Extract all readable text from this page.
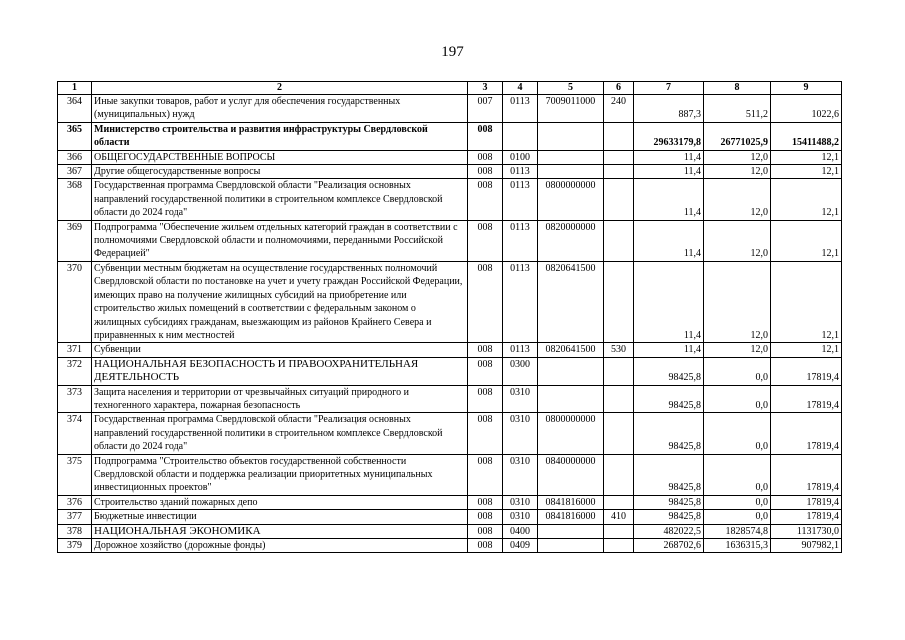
197
1	2	3	4	5	6	7	8	9
364	Иные закупки товаров, работ и услуг для обеспечения государственных (муниципальных) нужд	007	0113	7009011000	240	887,3	511,2	1022,6
365	Министерство строительства и развития инфраструктуры Свердловской области	008				29633179,8	26771025,9	15411488,2
366	ОБЩЕГОСУДАРСТВЕННЫЕ ВОПРОСЫ	008	0100			11,4	12,0	12,1
367	Другие общегосударственные вопросы	008	0113			11,4	12,0	12,1
368	Государственная программа Свердловской области "Реализация основных направлений государственной политики в строительном комплексе Свердловской области до 2024 года"	008	0113	0800000000		11,4	12,0	12,1
369	Подпрограмма "Обеспечение жильем отдельных категорий граждан в соответствии с полномочиями Свердловской области и полномочиями, переданными Российской Федерацией"	008	0113	0820000000		11,4	12,0	12,1
370	Субвенции местным бюджетам на осуществление государственных полномочий Свердловской области по постановке на учет и учету граждан Российской Федерации, имеющих право на получение жилищных субсидий на приобретение или строительство жилых помещений в соответствии с федеральным законом о жилищных субсидиях гражданам, выезжающим из районов Крайнего Севера и приравненных к ним местностей	008	0113	0820641500		11,4	12,0	12,1
371	Субвенции	008	0113	0820641500	530	11,4	12,0	12,1
372	НАЦИОНАЛЬНАЯ БЕЗОПАСНОСТЬ И ПРАВООХРАНИТЕЛЬНАЯ ДЕЯТЕЛЬНОСТЬ	008	0300			98425,8	0,0	17819,4
373	Защита населения и территории от чрезвычайных ситуаций природного и техногенного характера, пожарная безопасность	008	0310			98425,8	0,0	17819,4
374	Государственная программа Свердловской области "Реализация основных направлений государственной политики в строительном комплексе Свердловской области до 2024 года"	008	0310	0800000000		98425,8	0,0	17819,4
375	Подпрограмма "Строительство объектов государственной собственности Свердловской области и поддержка реализации приоритетных муниципальных инвестиционных проектов"	008	0310	0840000000		98425,8	0,0	17819,4
376	Строительство зданий пожарных депо	008	0310	0841816000		98425,8	0,0	17819,4
377	Бюджетные инвестиции	008	0310	0841816000	410	98425,8	0,0	17819,4
378	НАЦИОНАЛЬНАЯ ЭКОНОМИКА	008	0400			482022,5	1828574,8	1131730,0
379	Дорожное хозяйство (дорожные фонды)	008	0409			268702,6	1636315,3	907982,1
